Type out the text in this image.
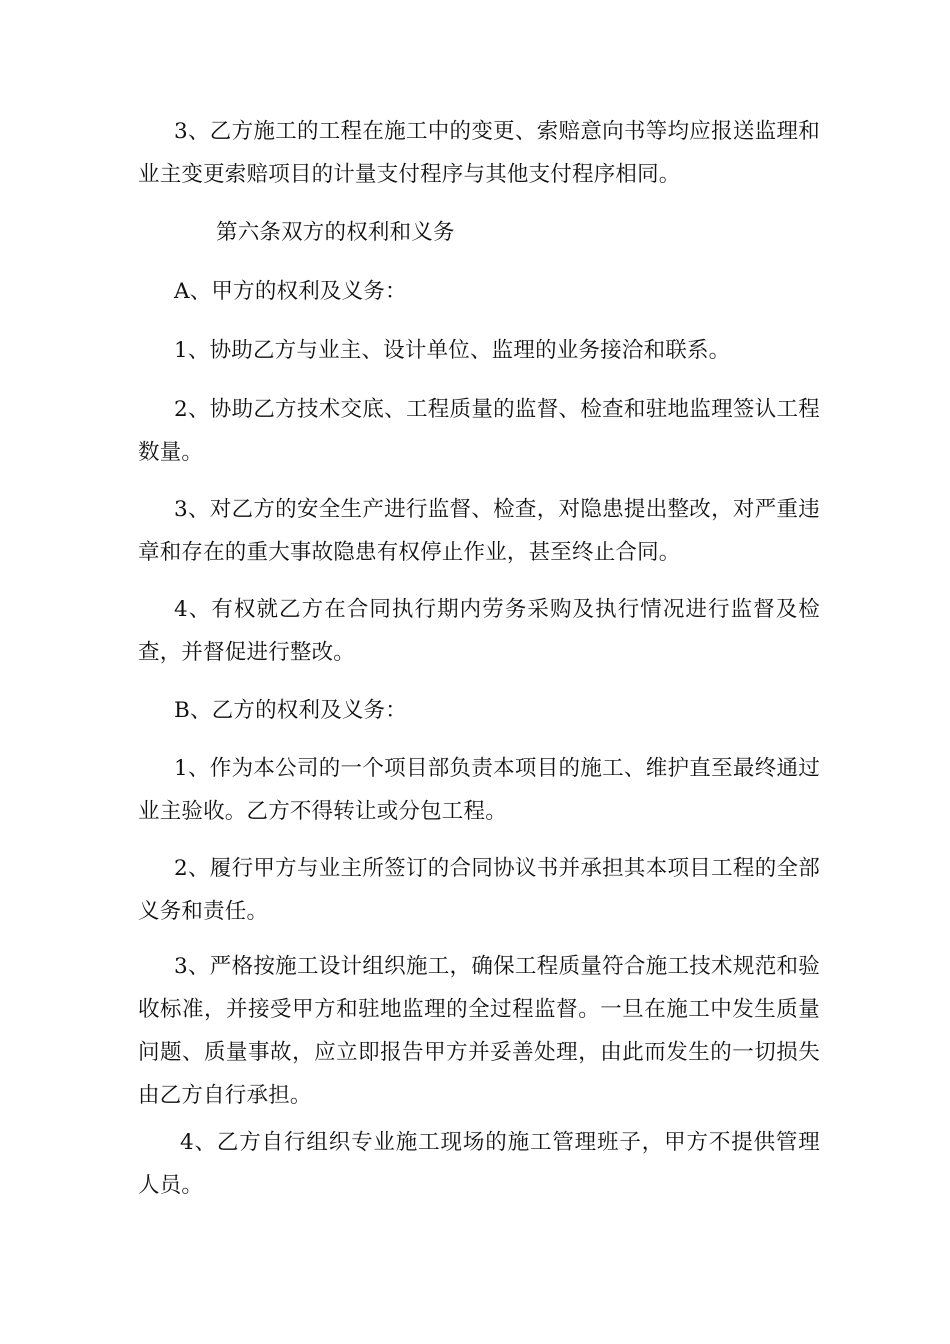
3、乙方施工的工程在施工中的变更、索赔意向书等均应报送监理和业主变更索赔项目的计量支付程序与其他支付程序相同。

第六条双方的权利和义务

A、甲方的权利及义务：

1、协助乙方与业主、设计单位、监理的业务接洽和联系。

2、协助乙方技术交底、工程质量的监督、检查和驻地监理签认工程数量。

3、对乙方的安全生产进行监督、检查，对隐患提出整改，对严重违章和存在的重大事故隐患有权停止作业，甚至终止合同。

4、有权就乙方在合同执行期内劳务采购及执行情况进行监督及检查，并督促进行整改。

B、乙方的权利及义务：

1、作为本公司的一个项目部负责本项目的施工、维护直至最终通过业主验收。乙方不得转让或分包工程。

2、履行甲方与业主所签订的合同协议书并承担其本项目工程的全部义务和责任。

3、严格按施工设计组织施工，确保工程质量符合施工技术规范和验收标准，并接受甲方和驻地监理的全过程监督。一旦在施工中发生质量问题、质量事故，应立即报告甲方并妥善处理，由此而发生的一切损失由乙方自行承担。

4、乙方自行组织专业施工现场的施工管理班子，甲方不提供管理人员。
